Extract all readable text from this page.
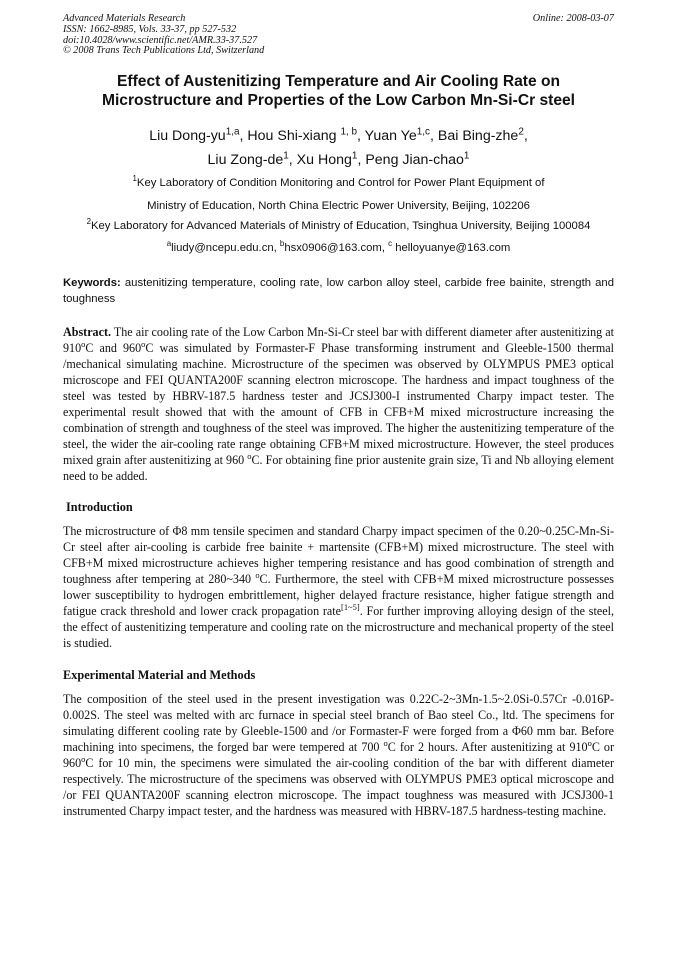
Advanced Materials Research
ISSN: 1662-8985, Vols. 33-37, pp 527-532
doi:10.4028/www.scientific.net/AMR.33-37.527
© 2008 Trans Tech Publications Ltd, Switzerland
Online: 2008-03-07
Effect of Austenitizing Temperature and Air Cooling Rate on
Microstructure and Properties of the Low Carbon Mn-Si-Cr steel
Liu Dong-yu$^{1,a}$, Hou Shi-xiang $^{1, b}$, Yuan Ye$^{1,c}$, Bai Bing-zhe$^2$,
Liu Zong-$de^1$, Xu Hong$^1$, Peng Jian-chao$^1$
$^1$Key Laboratory of Condition Monitoring and Control for Power Plant Equipment of
Ministry of Education, North China Electric Power University, Beijing, 102206
$^2$Key Laboratory for Advanced Materials of Ministry of Education, Tsinghua University, Beijing 100084
$^a$liudy@ncepu.edu.cn, $^b$hsx0906@163.com, $^c$ helloyuanye@163.com
Keywords: austenitizing temperature, cooling rate, low carbon alloy steel, carbide free bainite, strength and toughness
Abstract. The air cooling rate of the Low Carbon Mn-Si-Cr steel bar with different diameter after austenitizing at 910$^o$C and 960$^o$C was simulated by Formaster-F Phase transforming instrument and Gleeble-1500 thermal /mechanical simulating machine. Microstructure of the specimen was observed by OLYMPUS PME3 optical microscope and FEI QUANTA200F scanning electron microscope. The hardness and impact toughness of the steel was tested by HBRV-187.5 hardness tester and JCSJ300-I instrumented Charpy impact tester. The experimental result showed that with the amount of CFB in CFB+M mixed microstructure increasing the combination of strength and toughness of the steel was improved. The higher the austenitizing temperature of the steel, the wider the air-cooling rate range obtaining CFB+M mixed microstructure. However, the steel produces mixed grain after austenitizing at 960 $^o$C. For obtaining fine prior austenite grain size, Ti and Nb alloying element need to be added.
Introduction
The microstructure of Φ8 mm tensile specimen and standard Charpy impact specimen of the 0.20~0.25C-Mn-Si-Cr steel after air-cooling is carbide free bainite + martensite (CFB+M) mixed microstructure. The steel with CFB+M mixed microstructure achieves higher tempering resistance and has good combination of strength and toughness after tempering at 280~340 $^o$C. Furthermore, the steel with CFB+M mixed microstructure possesses lower susceptibility to hydrogen embrittlement, higher delayed fracture resistance, higher fatigue strength and fatigue crack threshold and lower crack propagation rate[1~5]. For further improving alloying design of the steel, the effect of austenitizing temperature and cooling rate on the microstructure and mechanical property of the steel is studied.
Experimental Material and Methods
The composition of the steel used in the present investigation was 0.22C-2~3Mn-1.5~2.0Si-0.57Cr -0.016P-0.002S. The steel was melted with arc furnace in special steel branch of Bao steel Co., ltd. The specimens for simulating different cooling rate by Gleeble-1500 and /or Formaster-F were forged from a Φ60 mm bar. Before machining into specimens, the forged bar were tempered at 700 $^o$C for 2 hours. After austenitizing at 910$^o$C or 960$^o$C for 10 min, the specimens were simulated the air-cooling condition of the bar with different diameter respectively. The microstructure of the specimens was observed with OLYMPUS PME3 optical microscope and /or FEI QUANTA200F scanning electron microscope. The impact toughness was measured with JCSJ300-1 instrumented Charpy impact tester, and the hardness was measured with HBRV-187.5 hardness-testing machine.
